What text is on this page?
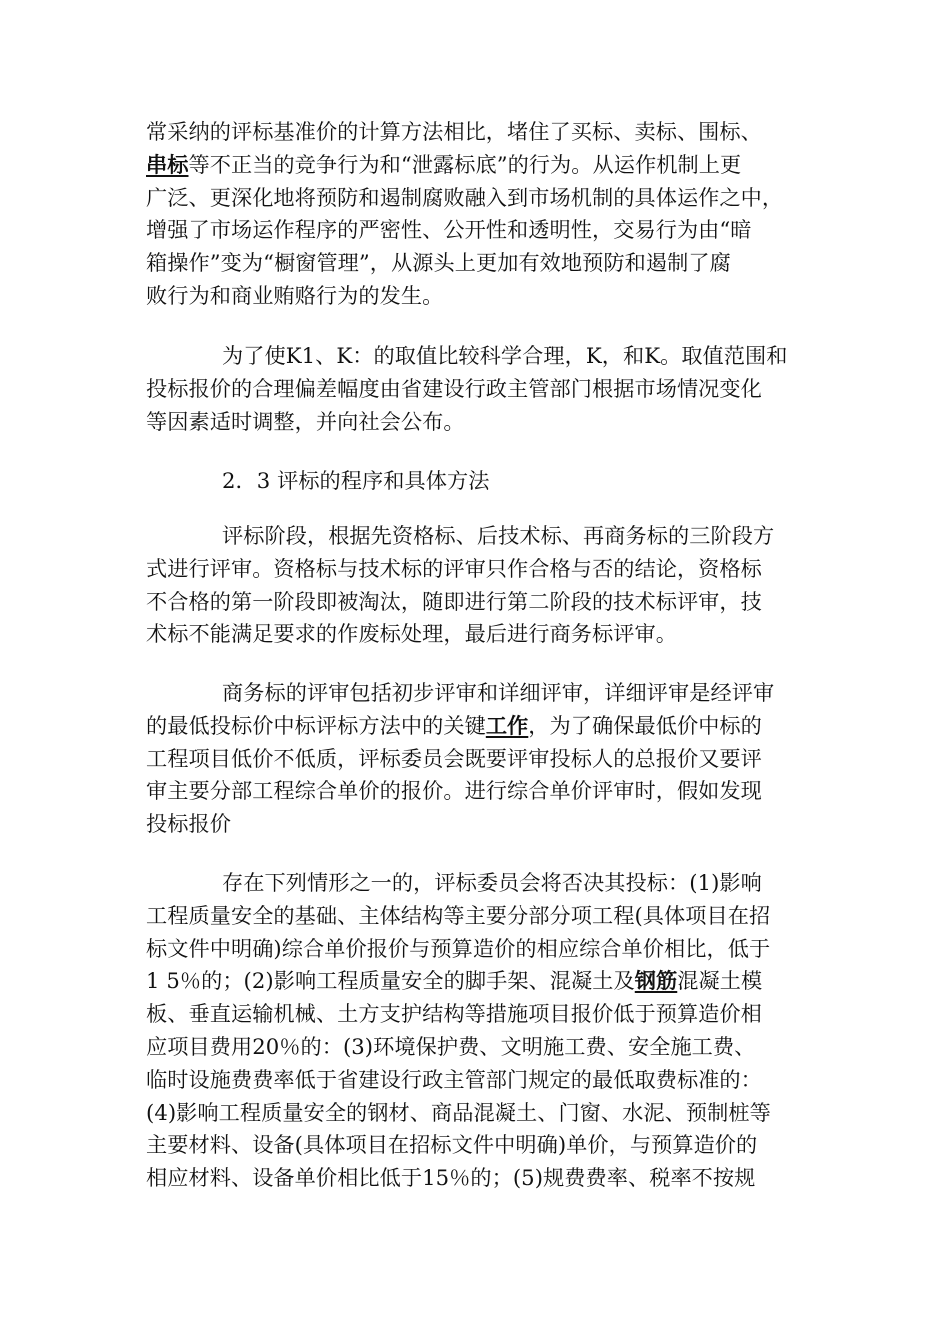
常采纳的评标基准价的计算方法相比，堵住了买标、卖标、围标、
串标等不正当的竞争行为和“泄露标底”的行为。从运作机制上更
广泛、更深化地将预防和遏制腐败融入到市场机制的具体运作之中，
增强了市场运作程序的严密性、公开性和透明性，交易行为由“暗
箱操作”变为“橱窗管理”，从源头上更加有效地预防和遏制了腐
败行为和商业贿赂行为的发生。
为了使K1、K：的取值比较科学合理，K，和K。取值范围和
投标报价的合理偏差幅度由省建设行政主管部门根据市场情况变化
等因素适时调整，并向社会公布。
2．3 评标的程序和具体方法
评标阶段，根据先资格标、后技术标、再商务标的三阶段方
式进行评审。资格标与技术标的评审只作合格与否的结论，资格标
不合格的第一阶段即被淘汰，随即进行第二阶段的技术标评审，技
术标不能满足要求的作废标处理，最后进行商务标评审。
商务标的评审包括初步评审和详细评审，详细评审是经评审
的最低投标价中标评标方法中的关键工作，为了确保最低价中标的
工程项目低价不低质，评标委员会既要评审投标人的总报价又要评
审主要分部工程综合单价的报价。进行综合单价评审时，假如发现
投标报价
存在下列情形之一的，评标委员会将否决其投标：(1)影响
工程质量安全的基础、主体结构等主要分部分项工程(具体项目在招
标文件中明确)综合单价报价与预算造价的相应综合单价相比，低于
1 5％的；(2)影响工程质量安全的脚手架、混凝土及钢筋混凝土模
板、垂直运输机械、土方支护结构等措施项目报价低于预算造价相
应项目费用20％的：(3)环境保护费、文明施工费、安全施工费、
临时设施费费率低于省建设行政主管部门规定的最低取费标准的：
(4)影响工程质量安全的钢材、商品混凝土、门窗、水泥、预制桩等
主要材料、设备(具体项目在招标文件中明确)单价，与预算造价的
相应材料、设备单价相比低于15％的；(5)规费费率、税率不按规
